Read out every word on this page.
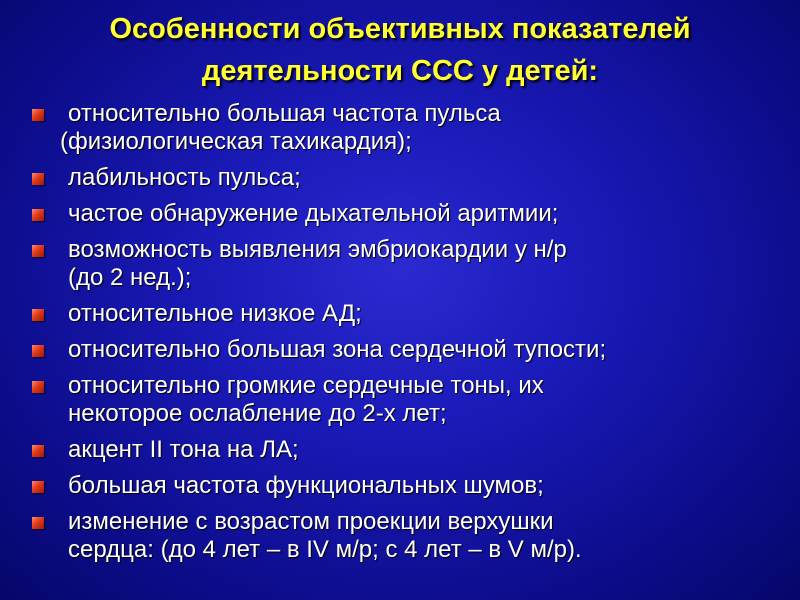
Особенности объективных показателей
деятельности ССС у детей:
относительно большая частота пульса
(физиологическая тахикардия);
лабильность пульса;
частое обнаружение дыхательной аритмии;
возможность выявления эмбриокардии у н/р
(до 2 нед.);
относительное низкое АД;
относительно большая зона сердечной тупости;
относительно громкие сердечные тоны, их
некоторое ослабление до 2-х лет;
акцент II тона на ЛА;
большая частота функциональных шумов;
изменение с возрастом проекции верхушки
сердца: (до 4 лет – в IV м/р; с 4 лет – в V м/р).
